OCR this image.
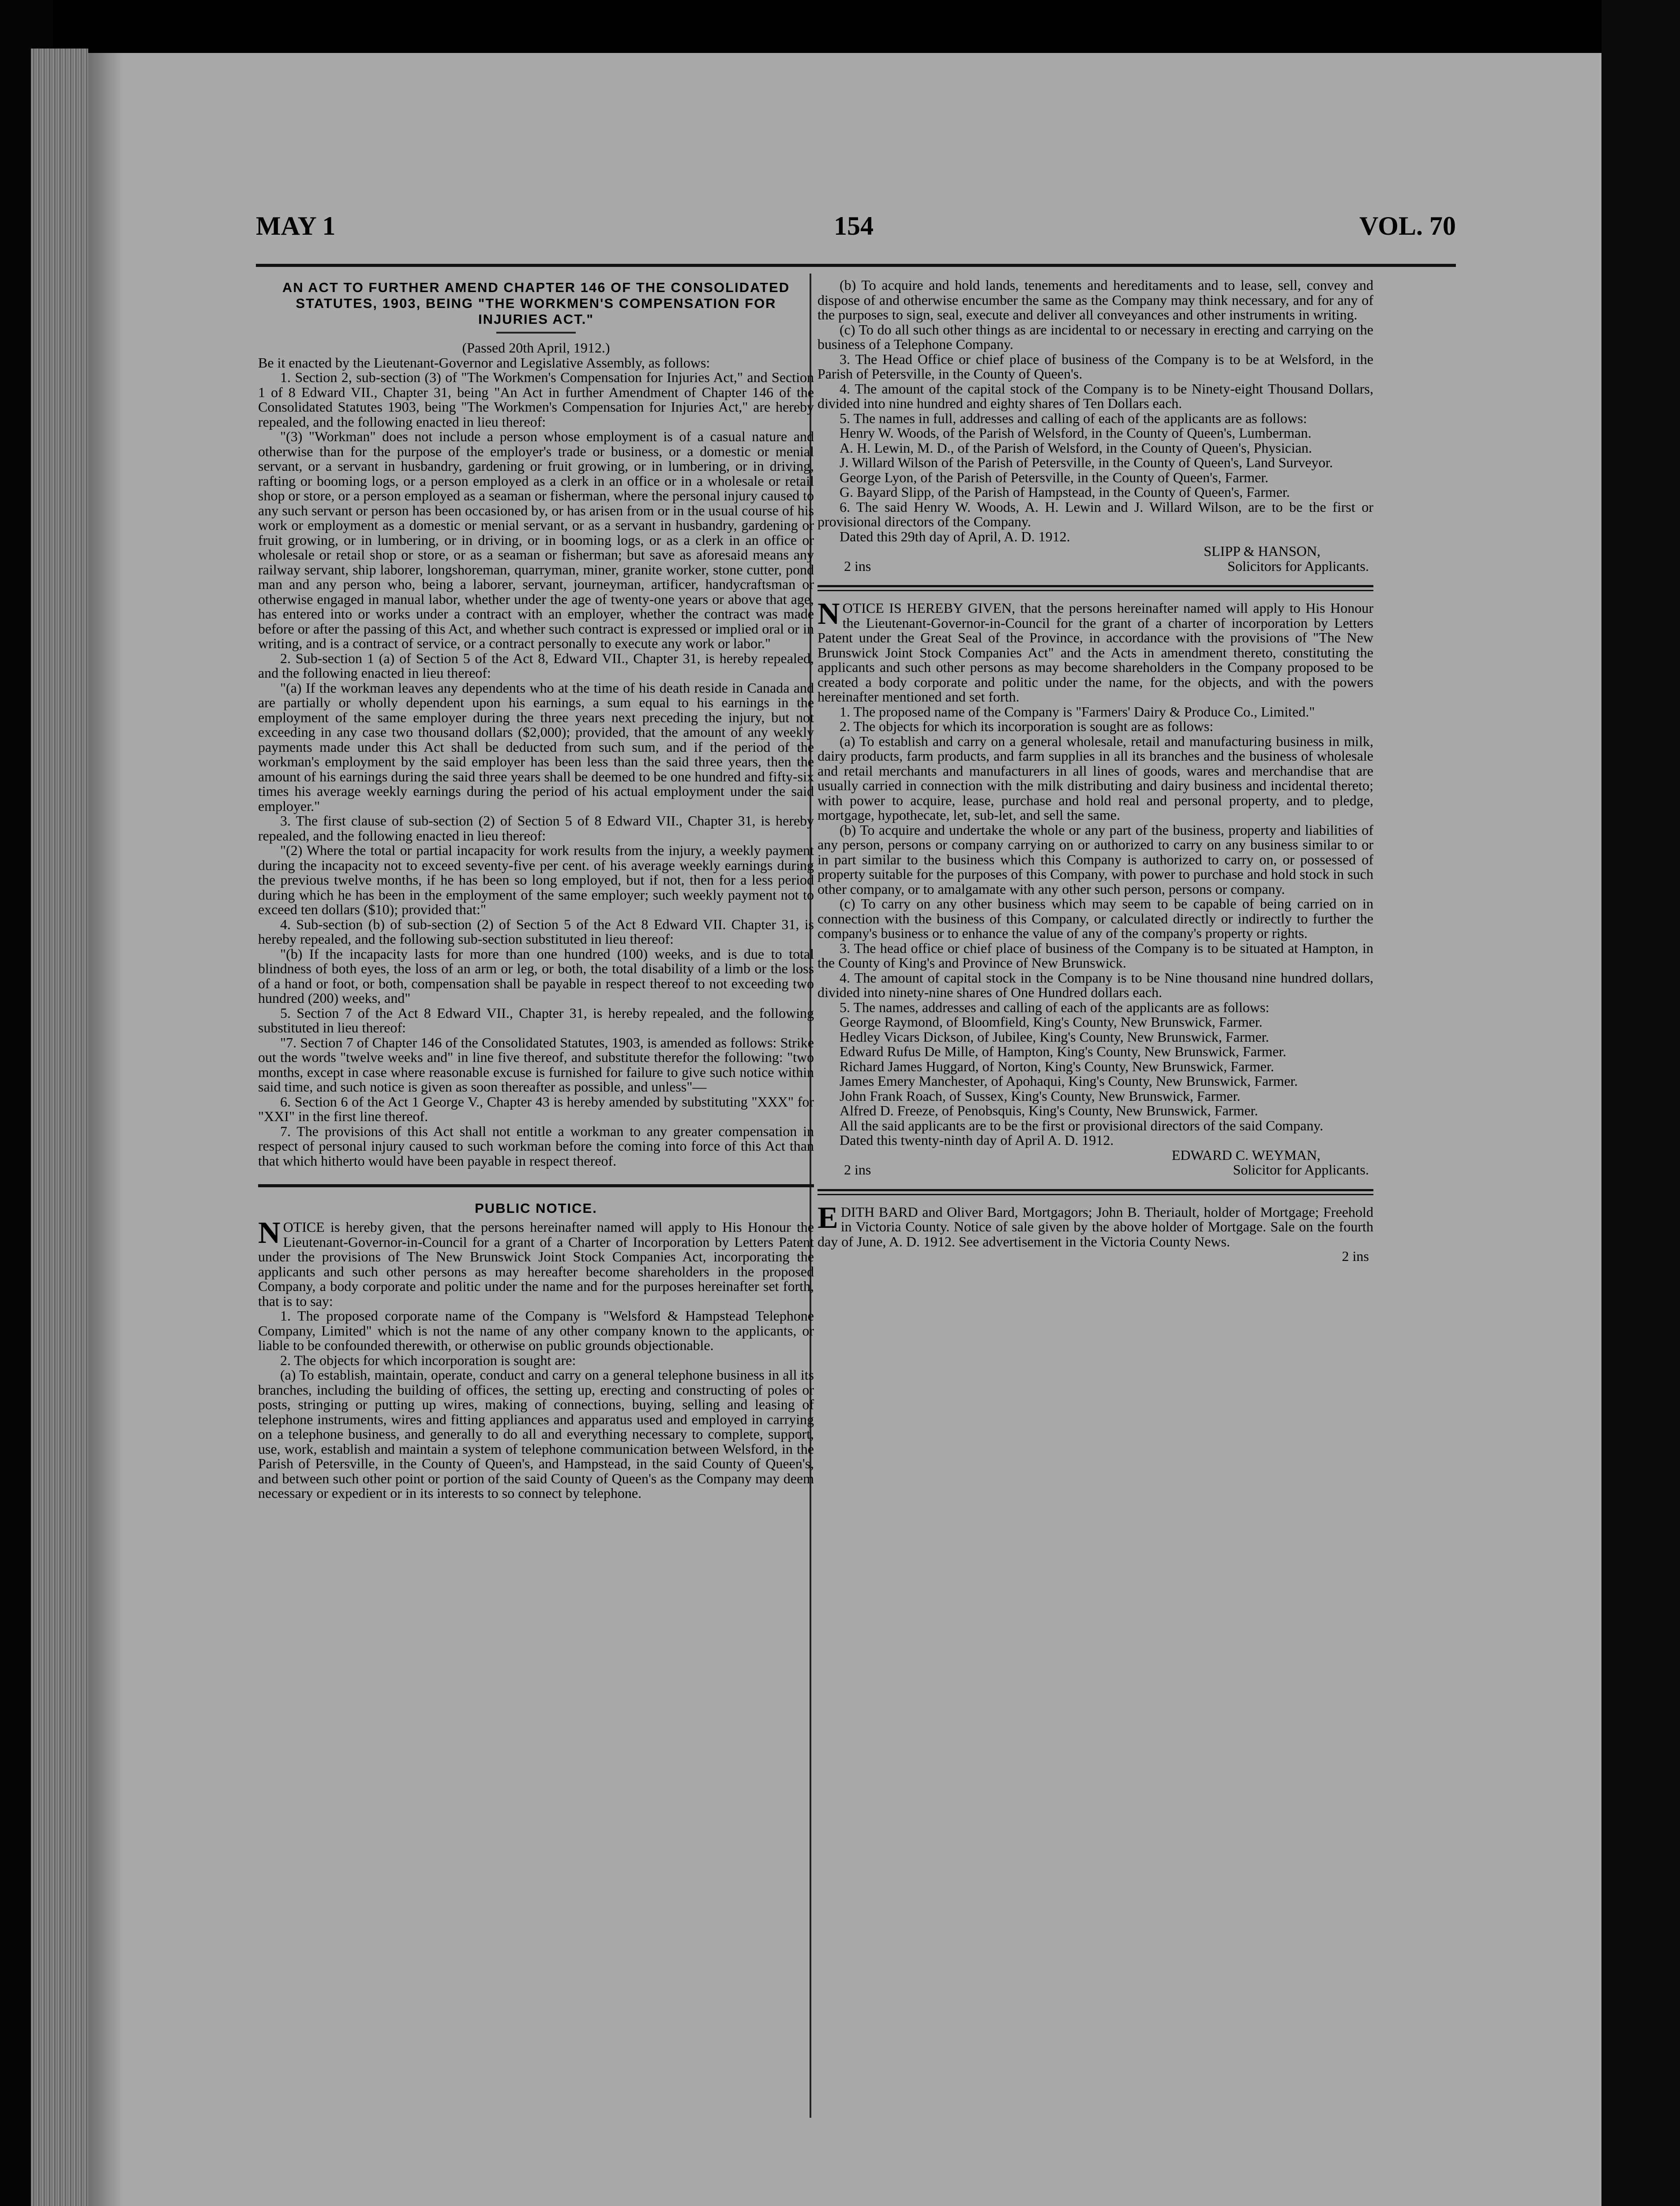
MAY 1	154	VOL. 70
AN ACT TO FURTHER AMEND CHAPTER 146 OF THE CONSOLIDATED STATUTES, 1903, BEING "THE WORKMEN'S COMPENSATION FOR INJURIES ACT."

(Passed 20th April, 1912.)

Be it enacted by the Lieutenant-Governor and Legislative Assembly, as follows:

1. Section 2, sub-section (3) of "The Workmen's Compensation for Injuries Act," and Section 1 of 8 Edward VII., Chapter 31, being "An Act in further Amendment of Chapter 146 of the Consolidated Statutes 1903, being "The Workmen's Compensation for Injuries Act," are hereby repealed, and the following enacted in lieu thereof:

"(3) "Workman" does not include a person whose employment is of a casual nature and otherwise than for the purpose of the employer's trade or business, or a domestic or menial servant, or a servant in husbandry, gardening or fruit growing, or in lumbering, or in driving, rafting or booming logs, or a person employed as a clerk in an office or in a wholesale or retail shop or store, or a person employed as a seaman or fisherman, where the personal injury caused to any such servant or person has been occasioned by, or has arisen from or in the usual course of his work or employment as a domestic or menial servant, or as a servant in husbandry, gardening or fruit growing, or in lumbering, or in driving, or in booming logs, or as a clerk in an office or wholesale or retail shop or store, or as a seaman or fisherman; but save as aforesaid means any railway servant, ship laborer, longshoreman, quarryman, miner, granite worker, stone cutter, pond man and any person who, being a laborer, servant, journeyman, artificer, handycraftsman or otherwise engaged in manual labor, whether under the age of twenty-one years or above that age, has entered into or works under a contract with an employer, whether the contract was made before or after the passing of this Act, and whether such contract is expressed or implied oral or in writing, and is a contract of service, or a contract personally to execute any work or labor."

2. Sub-section 1 (a) of Section 5 of the Act 8, Edward VII., Chapter 31, is hereby repealed, and the following enacted in lieu thereof:

"(a) If the workman leaves any dependents who at the time of his death reside in Canada and are partially or wholly dependent upon his earnings, a sum equal to his earnings in the employment of the same employer during the three years next preceding the injury, but not exceeding in any case two thousand dollars ($2,000); provided, that the amount of any weekly payments made under this Act shall be deducted from such sum, and if the period of the workman's employment by the said employer has been less than the said three years, then the amount of his earnings during the said three years shall be deemed to be one hundred and fifty-six times his average weekly earnings during the period of his actual employment under the said employer."

3. The first clause of sub-section (2) of Section 5 of 8 Edward VII., Chapter 31, is hereby repealed, and the following enacted in lieu thereof:

"(2) Where the total or partial incapacity for work results from the injury, a weekly payment during the incapacity not to exceed seventy-five per cent. of his average weekly earnings during the previous twelve months, if he has been so long employed, but if not, then for a less period during which he has been in the employment of the same employer; such weekly payment not to exceed ten dollars ($10); provided that:"

4. Sub-section (b) of sub-section (2) of Section 5 of the Act 8 Edward VII. Chapter 31, is hereby repealed, and the following sub-section substituted in lieu thereof:

"(b) If the incapacity lasts for more than one hundred (100) weeks, and is due to total blindness of both eyes, the loss of an arm or leg, or both, the total disability of a limb or the loss of a hand or foot, or both, compensation shall be payable in respect thereof to not exceeding two hundred (200) weeks, and"

5. Section 7 of the Act 8 Edward VII., Chapter 31, is hereby repealed, and the following substituted in lieu thereof:

"7. Section 7 of Chapter 146 of the Consolidated Statutes, 1903, is amended as follows: Strike out the words "twelve weeks and" in line five thereof, and substitute therefor the following: "two months, except in case where reasonable excuse is furnished for failure to give such notice within said time, and such notice is given as soon thereafter as possible, and unless"—

6. Section 6 of the Act 1 George V., Chapter 43 is hereby amended by substituting "XXX" for "XXI" in the first line thereof.

7. The provisions of this Act shall not entitle a workman to any greater compensation in respect of personal injury caused to such workman before the coming into force of this Act than that which hitherto would have been payable in respect thereof.

PUBLIC NOTICE.

NOTICE is hereby given, that the persons hereinafter named will apply to His Honour the Lieutenant-Governor-in-Council for a grant of a Charter of Incorporation by Letters Patent under the provisions of The New Brunswick Joint Stock Companies Act, incorporating the applicants and such other persons as may hereafter become shareholders in the proposed Company, a body corporate and politic under the name and for the purposes hereinafter set forth, that is to say:

1. The proposed corporate name of the Company is "Welsford & Hampstead Telephone Company, Limited" which is not the name of any other company known to the applicants, or liable to be confounded therewith, or otherwise on public grounds objectionable.

2. The objects for which incorporation is sought are:

(a) To establish, maintain, operate, conduct and carry on a general telephone business in all its branches, including the building of offices, the setting up, erecting and constructing of poles or posts, stringing or putting up wires, making of connections, buying, selling and leasing of telephone instruments, wires and fitting appliances and apparatus used and employed in carrying on a telephone business, and generally to do all and everything necessary to complete, support, use, work, establish and maintain a system of telephone communication between Welsford, in the Parish of Petersville, in the County of Queen's, and Hampstead, in the said County of Queen's, and between such other point or portion of the said County of Queen's as the Company may deem necessary or expedient or in its interests to so connect by telephone.

(b) To acquire and hold lands, tenements and hereditaments and to lease, sell, convey and dispose of and otherwise encumber the same as the Company may think necessary, and for any of the purposes to sign, seal, execute and deliver all conveyances and other instruments in writing.

(c) To do all such other things as are incidental to or necessary in erecting and carrying on the business of a Telephone Company.

3. The Head Office or chief place of business of the Company is to be at Welsford, in the Parish of Petersville, in the County of Queen's.

4. The amount of the capital stock of the Company is to be Ninety-eight Thousand Dollars, divided into nine hundred and eighty shares of Ten Dollars each.

5. The names in full, addresses and calling of each of the applicants are as follows:

Henry W. Woods, of the Parish of Welsford, in the County of Queen's, Lumberman.

A. H. Lewin, M. D., of the Parish of Welsford, in the County of Queen's, Physician.

J. Willard Wilson of the Parish of Petersville, in the County of Queen's, Land Surveyor.

George Lyon, of the Parish of Petersville, in the County of Queen's, Farmer.

G. Bayard Slipp, of the Parish of Hampstead, in the County of Queen's, Farmer.

6. The said Henry W. Woods, A. H. Lewin and J. Willard Wilson, are to be the first or provisional directors of the Company.

Dated this 29th day of April, A. D. 1912.

SLIPP & HANSON,

2 ins	Solicitors for Applicants.

NOTICE IS HEREBY GIVEN, that the persons hereinafter named will apply to His Honour the Lieutenant-Governor-in-Council for the grant of a charter of incorporation by Letters Patent under the Great Seal of the Province, in accordance with the provisions of "The New Brunswick Joint Stock Companies Act" and the Acts in amendment thereto, constituting the applicants and such other persons as may become shareholders in the Company proposed to be created a body corporate and politic under the name, for the objects, and with the powers hereinafter mentioned and set forth.

1. The proposed name of the Company is "Farmers' Dairy & Produce Co., Limited."

2. The objects for which its incorporation is sought are as follows:

(a) To establish and carry on a general wholesale, retail and manufacturing business in milk, dairy products, farm products, and farm supplies in all its branches and the business of wholesale and retail merchants and manufacturers in all lines of goods, wares and merchandise that are usually carried in connection with the milk distributing and dairy business and incidental thereto; with power to acquire, lease, purchase and hold real and personal property, and to pledge, mortgage, hypothecate, let, sub-let, and sell the same.

(b) To acquire and undertake the whole or any part of the business, property and liabilities of any person, persons or company carrying on or authorized to carry on any business similar to or in part similar to the business which this Company is authorized to carry on, or possessed of property suitable for the purposes of this Company, with power to purchase and hold stock in such other company, or to amalgamate with any other such person, persons or company.

(c) To carry on any other business which may seem to be capable of being carried on in connection with the business of this Company, or calculated directly or indirectly to further the company's business or to enhance the value of any of the company's property or rights.

3. The head office or chief place of business of the Company is to be situated at Hampton, in the County of King's and Province of New Brunswick.

4. The amount of capital stock in the Company is to be Nine thousand nine hundred dollars, divided into ninety-nine shares of One Hundred dollars each.

5. The names, addresses and calling of each of the applicants are as follows:

George Raymond, of Bloomfield, King's County, New Brunswick, Farmer.

Hedley Vicars Dickson, of Jubilee, King's County, New Brunswick, Farmer.

Edward Rufus De Mille, of Hampton, King's County, New Brunswick, Farmer.

Richard James Huggard, of Norton, King's County, New Brunswick, Farmer.

James Emery Manchester, of Apohaqui, King's County, New Brunswick, Farmer.

John Frank Roach, of Sussex, King's County, New Brunswick, Farmer.

Alfred D. Freeze, of Penobsquis, King's County, New Brunswick, Farmer.

All the said applicants are to be the first or provisional directors of the said Company.

Dated this twenty-ninth day of April A. D. 1912.

EDWARD C. WEYMAN,

2 ins	Solicitor for Applicants.

EDITH BARD and Oliver Bard, Mortgagors; John B. Theriault, holder of Mortgage; Freehold in Victoria County. Notice of sale given by the above holder of Mortgage. Sale on the fourth day of June, A. D. 1912. See advertisement in the Victoria County News.

2 ins
